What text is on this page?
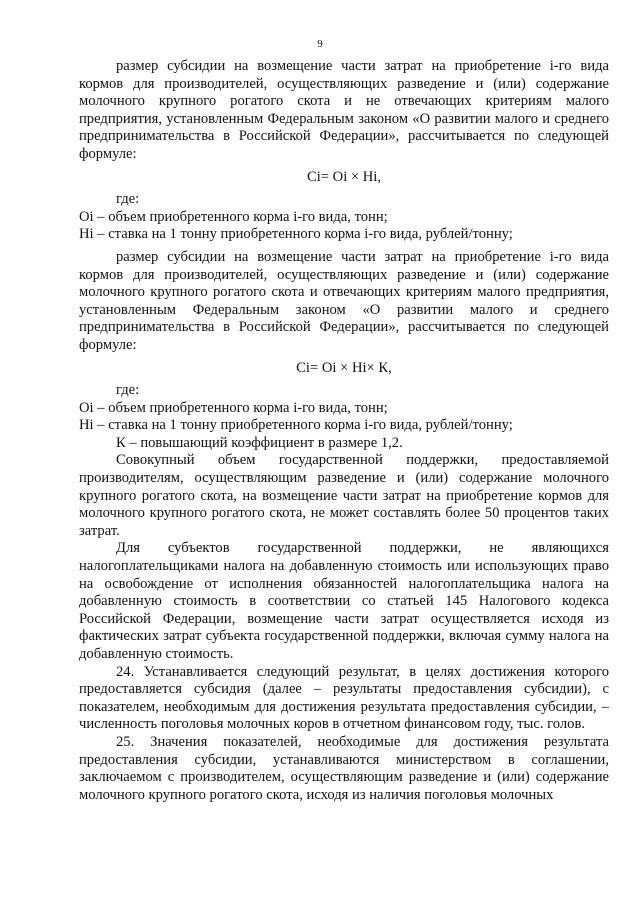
9

размер субсидии на возмещение части затрат на приобретение i-го вида кормов для производителей, осуществляющих разведение и (или) содержание молочного крупного рогатого скота и не отвечающих критериям малого предприятия, установленным Федеральным законом «О развитии малого и среднего предпринимательства в Российской Федерации», рассчитывается по следующей формуле:

Сi= Оi × Нi,

где:

Оi – объем приобретенного корма i-го вида, тонн;

Нi – ставка на 1 тонну приобретенного корма i-го вида, рублей/тонну;

размер субсидии на возмещение части затрат на приобретение i-го вида кормов для производителей, осуществляющих разведение и (или) содержание молочного крупного рогатого скота и отвечающих критериям малого предприятия, установленным Федеральным законом «О развитии малого и среднего предпринимательства в Российской Федерации», рассчитывается по следующей формуле:

Сi= Оi × Нi× К,

где:

Оi – объем приобретенного корма i-го вида, тонн;

Нi – ставка на 1 тонну приобретенного корма i-го вида, рублей/тонну;

К – повышающий коэффициент в размере 1,2.

Совокупный объем государственной поддержки, предоставляемой производителям, осуществляющим разведение и (или) содержание молочного крупного рогатого скота, на возмещение части затрат на приобретение кормов для молочного крупного рогатого скота, не может составлять более 50 процентов таких затрат.

Для субъектов государственной поддержки, не являющихся налогоплательщиками налога на добавленную стоимость или использующих право на освобождение от исполнения обязанностей налогоплательщика налога на добавленную стоимость в соответствии со статьей 145 Налогового кодекса Российской Федерации, возмещение части затрат осуществляется исходя из фактических затрат субъекта государственной поддержки, включая сумму налога на добавленную стоимость.

24. Устанавливается следующий результат, в целях достижения которого предоставляется субсидия (далее – результаты предоставления субсидии), с показателем, необходимым для достижения результата предоставления субсидии, – численность поголовья молочных коров в отчетном финансовом году, тыс. голов.

25. Значения показателей, необходимые для достижения результата предоставления субсидии, устанавливаются министерством в соглашении, заключаемом с производителем, осуществляющим разведение и (или) содержание молочного крупного рогатого скота, исходя из наличия поголовья молочных
